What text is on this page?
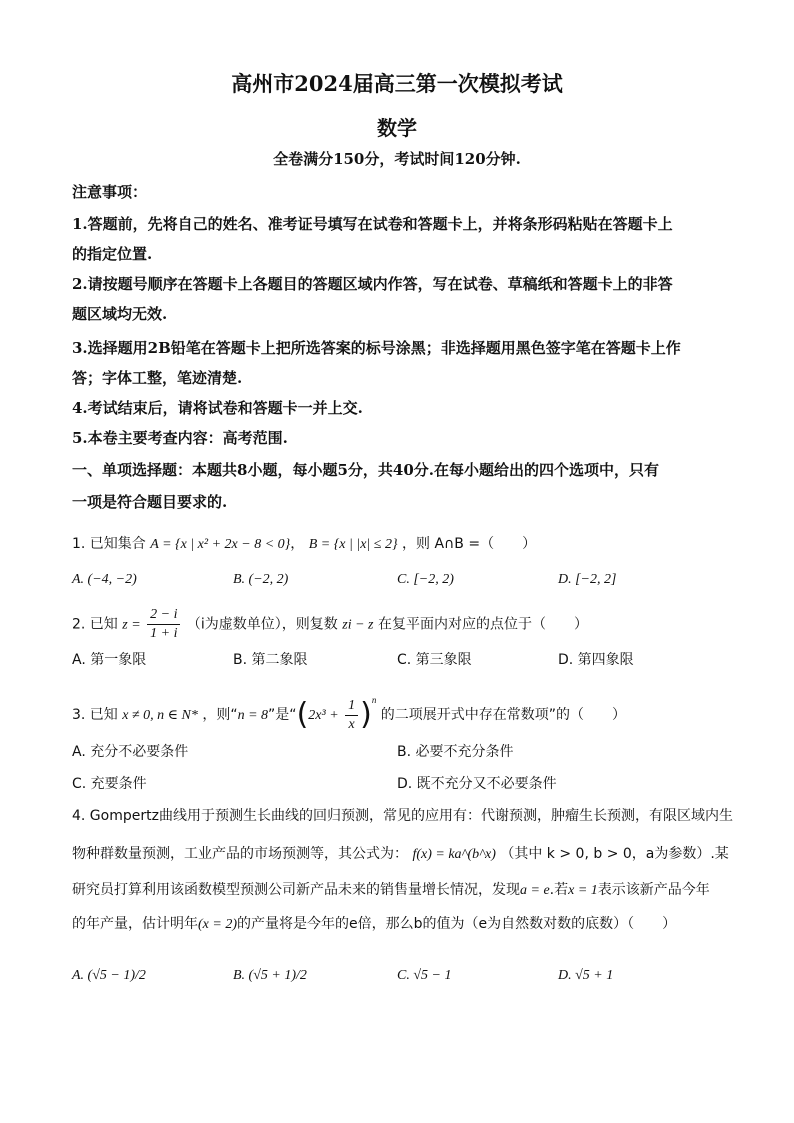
高州市2024届高三第一次模拟考试
数学
全卷满分150分，考试时间120分钟.
注意事项：
1.答题前，先将自己的姓名、准考证号填写在试卷和答题卡上，并将条形码粘贴在答题卡上
的指定位置.
2.请按题号顺序在答题卡上各题目的答题区域内作答，写在试卷、草稿纸和答题卡上的非答
题区域均无效.
3.选择题用2B铅笔在答题卡上把所选答案的标号涂黑；非选择题用黑色签字笔在答题卡上作
答；字体工整，笔迹清楚.
4.考试结束后，请将试卷和答题卡一并上交.
5.本卷主要考查内容：高考范围.
一、单项选择题：本题共8小题，每小题5分，共40分.在每小题给出的四个选项中，只有
一项是符合题目要求的.
1. 已知集合 A = {x | x² + 2x − 8 < 0}， B = {x | |x| ≤ 2} ，则 A∩B =（　　）
A. (−4, −2)	B. (−2, 2)	C. [−2, 2)	D. [−2, 2]
2. 已知 $z = \frac{2 - i}{1 + i} (i$为虚数单位），则复数 zi − z 在复平面内对应的点位于（　　）
A. 第一象限	B. 第二象限	C. 第三象限	D. 第四象限
3. 已知 x ≠ 0, n ∈ N* ，则“n = 8”是“$(2x^3 + \frac{1}{x} )^n$ 的二项展开式中存在常数项”的（　　）
A. 充分不必要条件	B. 必要不充分条件
C. 充要条件	D. 既不充分又不必要条件
4. Gompertz曲线用于预测生长曲线的回归预测，常见的应用有：代谢预测，肿瘤生长预测，有限区域内生
物种群数量预测，工业产品的市场预测等，其公式为： f(x) = ka^(b^x) （其中 k > 0, b > 0，a为参数）.某
研究员打算利用该函数模型预测公司新产品未来的销售量增长情况，发现a = e.若x = 1表示该新产品今年
的年产量，估计明年(x = 2)的产量将是今年的e倍，那么b的值为（e为自然数对数的底数）（　　）
A. (√5 − 1)/2	B. (√5 + 1)/2	C. √5 − 1	D. √5 + 1
